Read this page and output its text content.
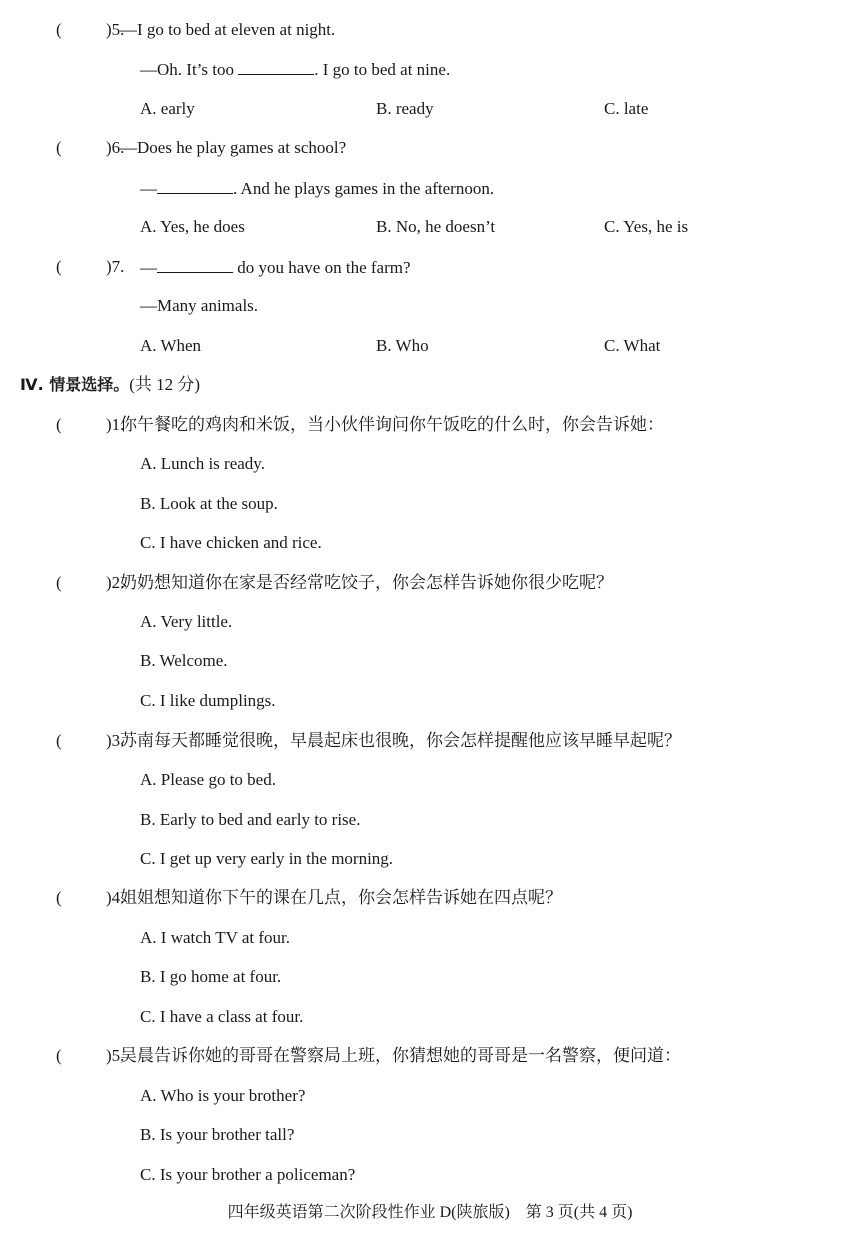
(	)5.
—I go to bed at eleven at night.
—Oh. It’s too	. I go to bed at nine.
A. early	B. ready	C. late
(	)6.
—Does he play games at school?
—	. And he plays games in the afternoon.
A. Yes, he does	B. No, he doesn’t	C. Yes, he is
(	)7. —	do you have on the farm?
—Many animals.
A. When	B. Who	C. What
Ⅳ. 情景选择。(共 12 分)
(	)1.
你午餐吃的鸡肉和米饭，当小伙伴询问你午饭吃的什么时，你会告诉她：
A. Lunch is ready.
B. Look at the soup.
C. I have chicken and rice.
(	)2.
奶奶想知道你在家是否经常吃饺子，你会怎样告诉她你很少吃呢？
A. Very little.
B. Welcome.
C. I like dumplings.
(	)3.
苏南每天都睡觉很晚，早晨起床也很晚，你会怎样提醒他应该早睡早起呢？
A. Please go to bed.
B. Early to bed and early to rise.
C. I get up very early in the morning.
(	)4.
姐姐想知道你下午的课在几点，你会怎样告诉她在四点呢？
A. I watch TV at four.
B. I go home at four.
C. I have a class at four.
(	)5.
吴晨告诉你她的哥哥在警察局上班，你猜想她的哥哥是一名警察，便问道：
A. Who is your brother?
B. Is your brother tall?
C. Is your brother a policeman?
四年级英语第二次阶段性作业 D(陕旅版)　第 3 页(共 4 页)
